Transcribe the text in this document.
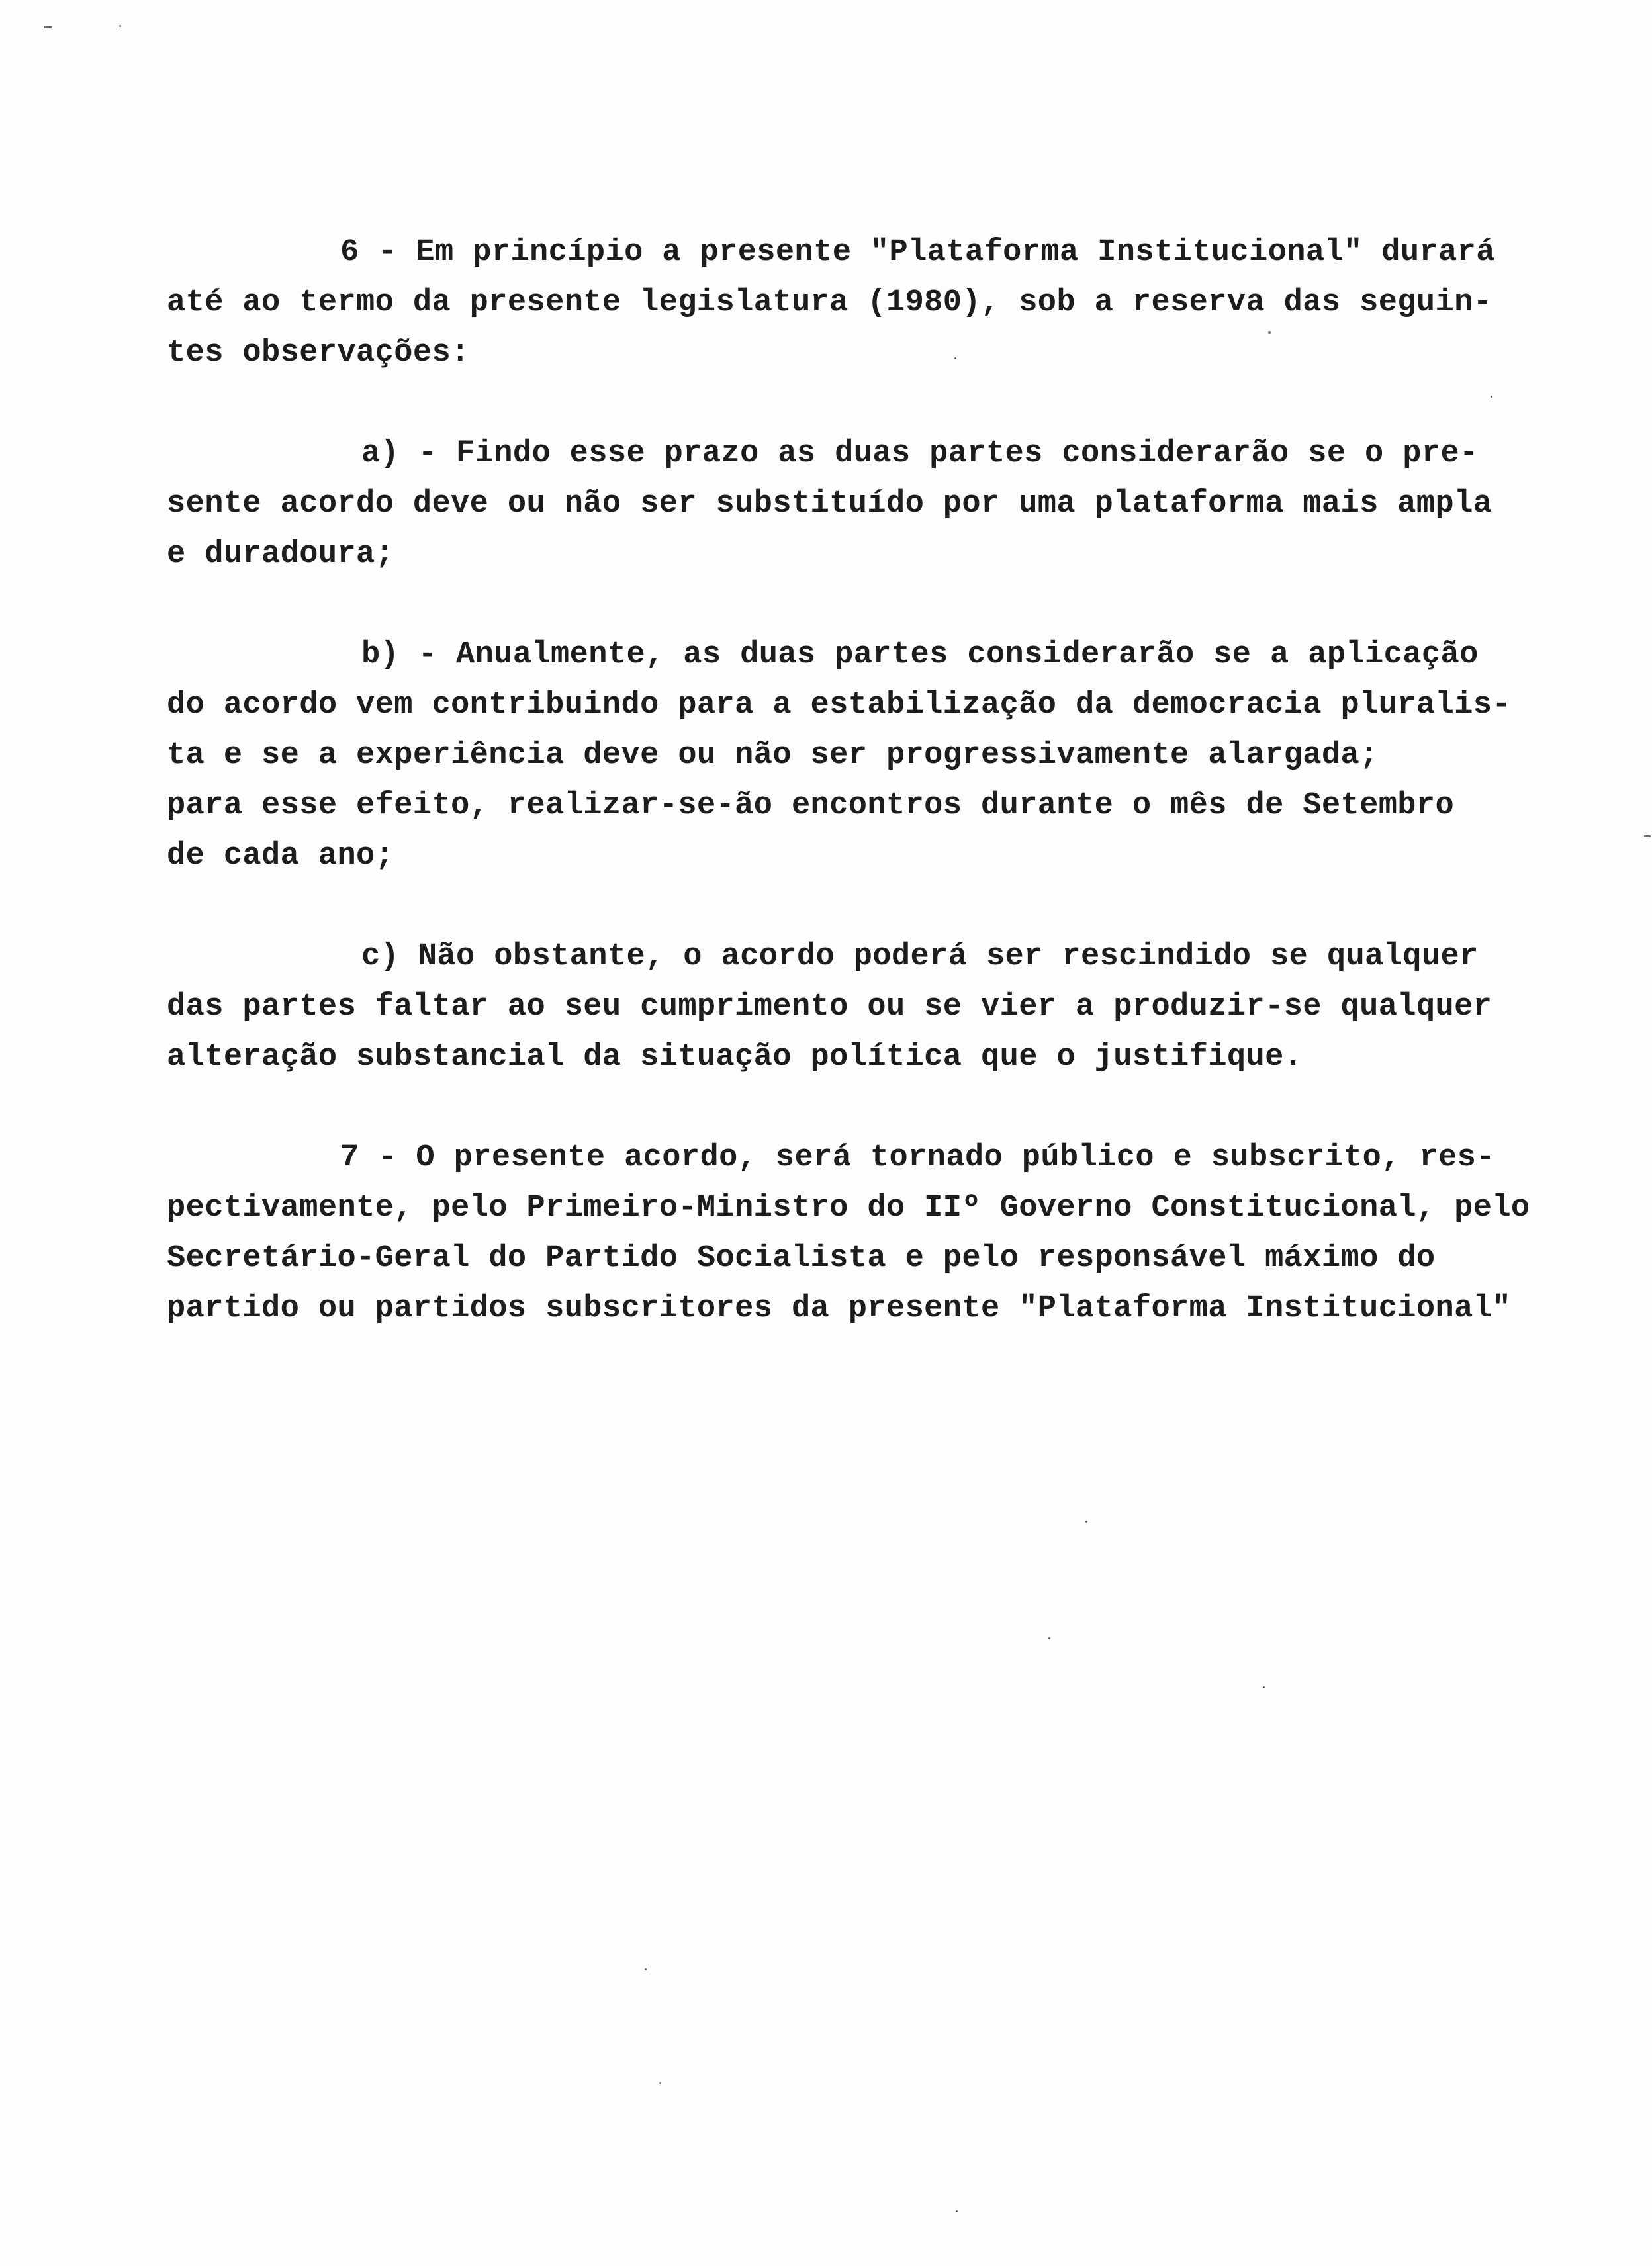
6 - Em princípio a presente "Plataforma Institucional" durará
até ao termo da presente legislatura (1980), sob a reserva das seguin-
tes observações:
a) - Findo esse prazo as duas partes considerarão se o pre-
sente acordo deve ou não ser substituído por uma plataforma mais ampla
e duradoura;
b) - Anualmente, as duas partes considerarão se a aplicação
do acordo vem contribuindo para a estabilização da democracia pluralis-
ta e se a experiência deve ou não ser progressivamente alargada;
para esse efeito, realizar-se-ão encontros durante o mês de Setembro
de cada ano;
c) Não obstante, o acordo poderá ser rescindido se qualquer
das partes faltar ao seu cumprimento ou se vier a produzir-se qualquer
alteração substancial da situação política que o justifique.
7 - O presente acordo, será tornado público e subscrito, res-
pectivamente, pelo Primeiro-Ministro do IIº Governo Constitucional, pelo
Secretário-Geral do Partido Socialista e pelo responsável máximo do
partido ou partidos subscritores da presente "Plataforma Institucional"
